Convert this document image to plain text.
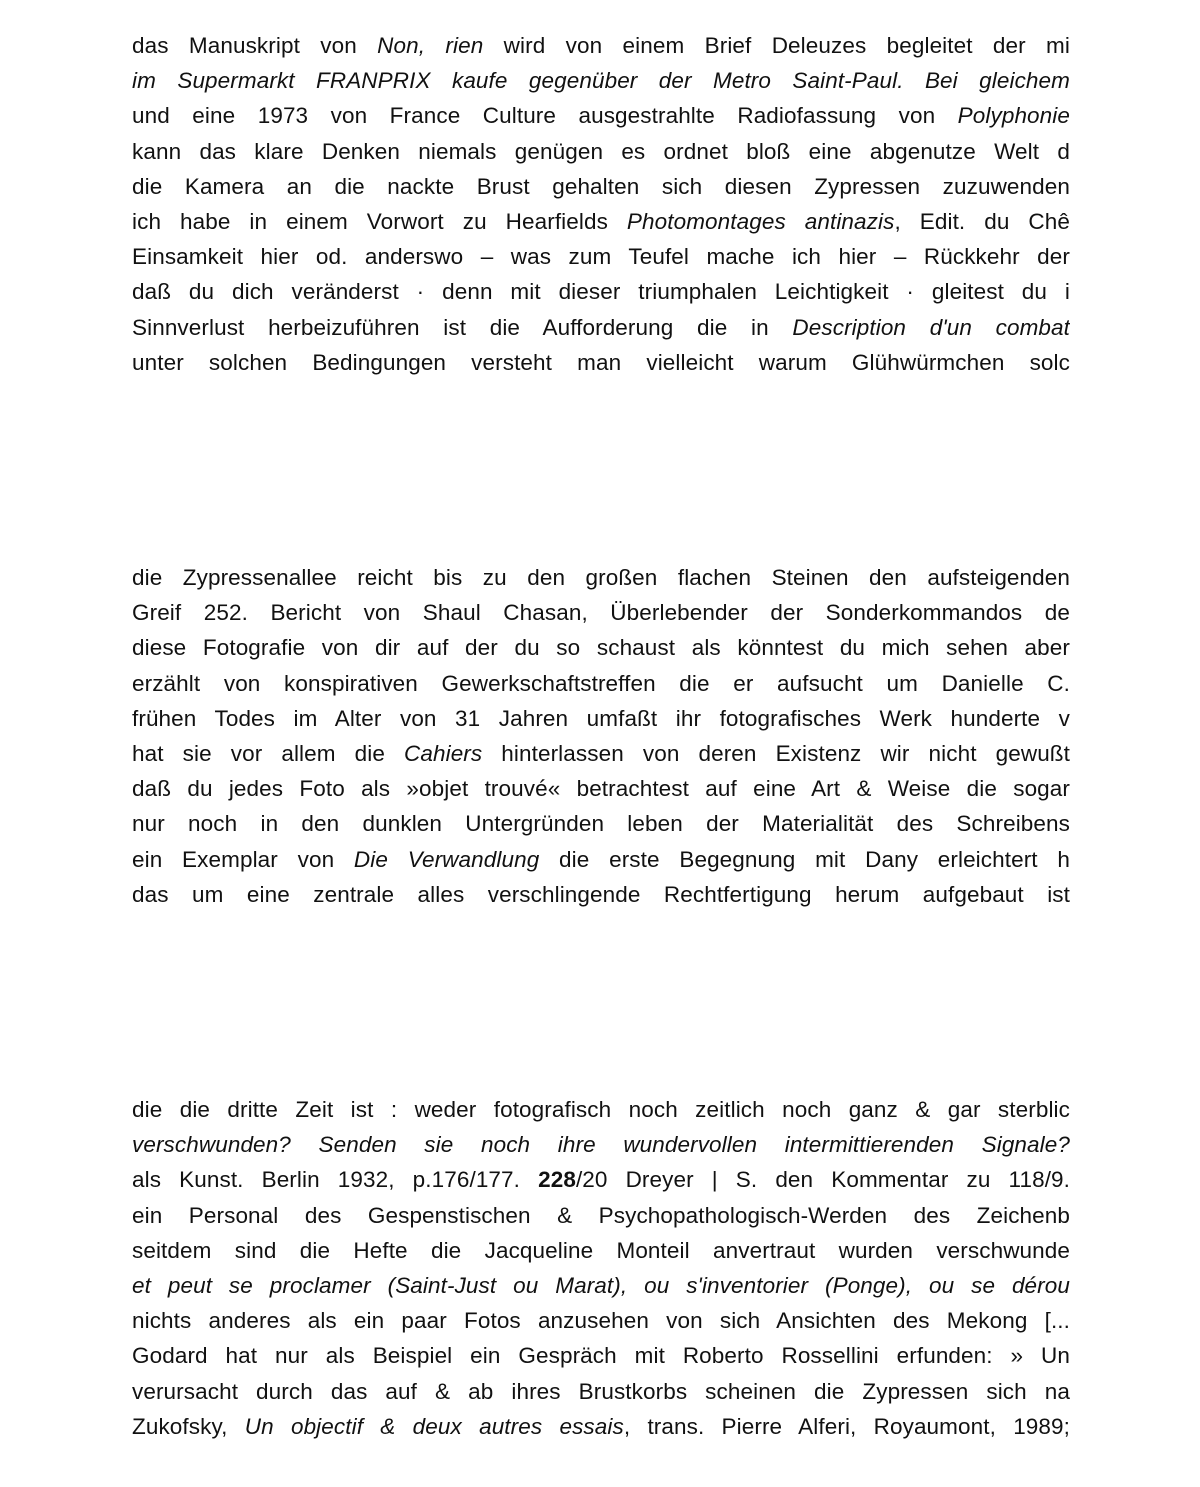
das Manuskript von Non, rien wird von einem Brief Deleuzes begleitet der mi
im Supermarkt FRANPRIX kaufe gegenüber der Metro Saint-Paul. Bei gleichem
und eine 1973 von France Culture ausgestrahlte Radiofassung von Polyphonie
kann das klare Denken niemals genügen es ordnet bloß eine abgenutze Welt d
die Kamera an die nackte Brust gehalten sich diesen Zypressen zuzuwenden
ich habe in einem Vorwort zu Hearfields Photomontages antinazis, Edit. du Chê
Einsamkeit hier od. anderswo – was zum Teufel mache ich hier – Rückkehr der
daß du dich veränderst · denn mit dieser triumphalen Leichtigkeit · gleitest du i
Sinnverlust herbeizuführen ist die Aufforderung die in Description d'un combat
unter solchen Bedingungen versteht man vielleicht warum Glühwürmchen solc
die Zypressenallee reicht bis zu den großen flachen Steinen den aufsteigenden
Greif 252. Bericht von Shaul Chasan, Überlebender der Sonderkommandos de
diese Fotografie von dir auf der du so schaust als könntest du mich sehen aber
erzählt von konspirativen Gewerkschaftstreffen die er aufsucht um Danielle C.
frühen Todes im Alter von 31 Jahren umfaßt ihr fotografisches Werk hunderte v
hat sie vor allem die Cahiers hinterlassen von deren Existenz wir nicht gewußt
daß du jedes Foto als »objet trouvé« betrachtest auf eine Art & Weise die sogar
nur noch in den dunklen Untergründen leben der Materialität des Schreibens
ein Exemplar von Die Verwandlung die erste Begegnung mit Dany erleichtert h
das um eine zentrale alles verschlingende Rechtfertigung herum aufgebaut ist
die die dritte Zeit ist : weder fotografisch noch zeitlich noch ganz & gar sterblic
verschwunden? Senden sie noch ihre wundervollen intermittierenden Signale?
als Kunst. Berlin 1932, p.176/177. 228/20 Dreyer | S. den Kommentar zu 118/9.
ein Personal des Gespenstischen & Psychopathologisch-Werden des Zeichenb
seitdem sind die Hefte die Jacqueline Monteil anvertraut wurden verschwunde
et peut se proclamer (Saint-Just ou Marat), ou s'inventorier (Ponge), ou se dérou
nichts anderes als ein paar Fotos anzusehen von sich Ansichten des Mekong [...
Godard hat nur als Beispiel ein Gespräch mit Roberto Rossellini erfunden: » Un
verursacht durch das auf & ab ihres Brustkorbs scheinen die Zypressen sich na
Zukofsky, Un objectif & deux autres essais, trans. Pierre Alferi, Royaumont, 1989;
